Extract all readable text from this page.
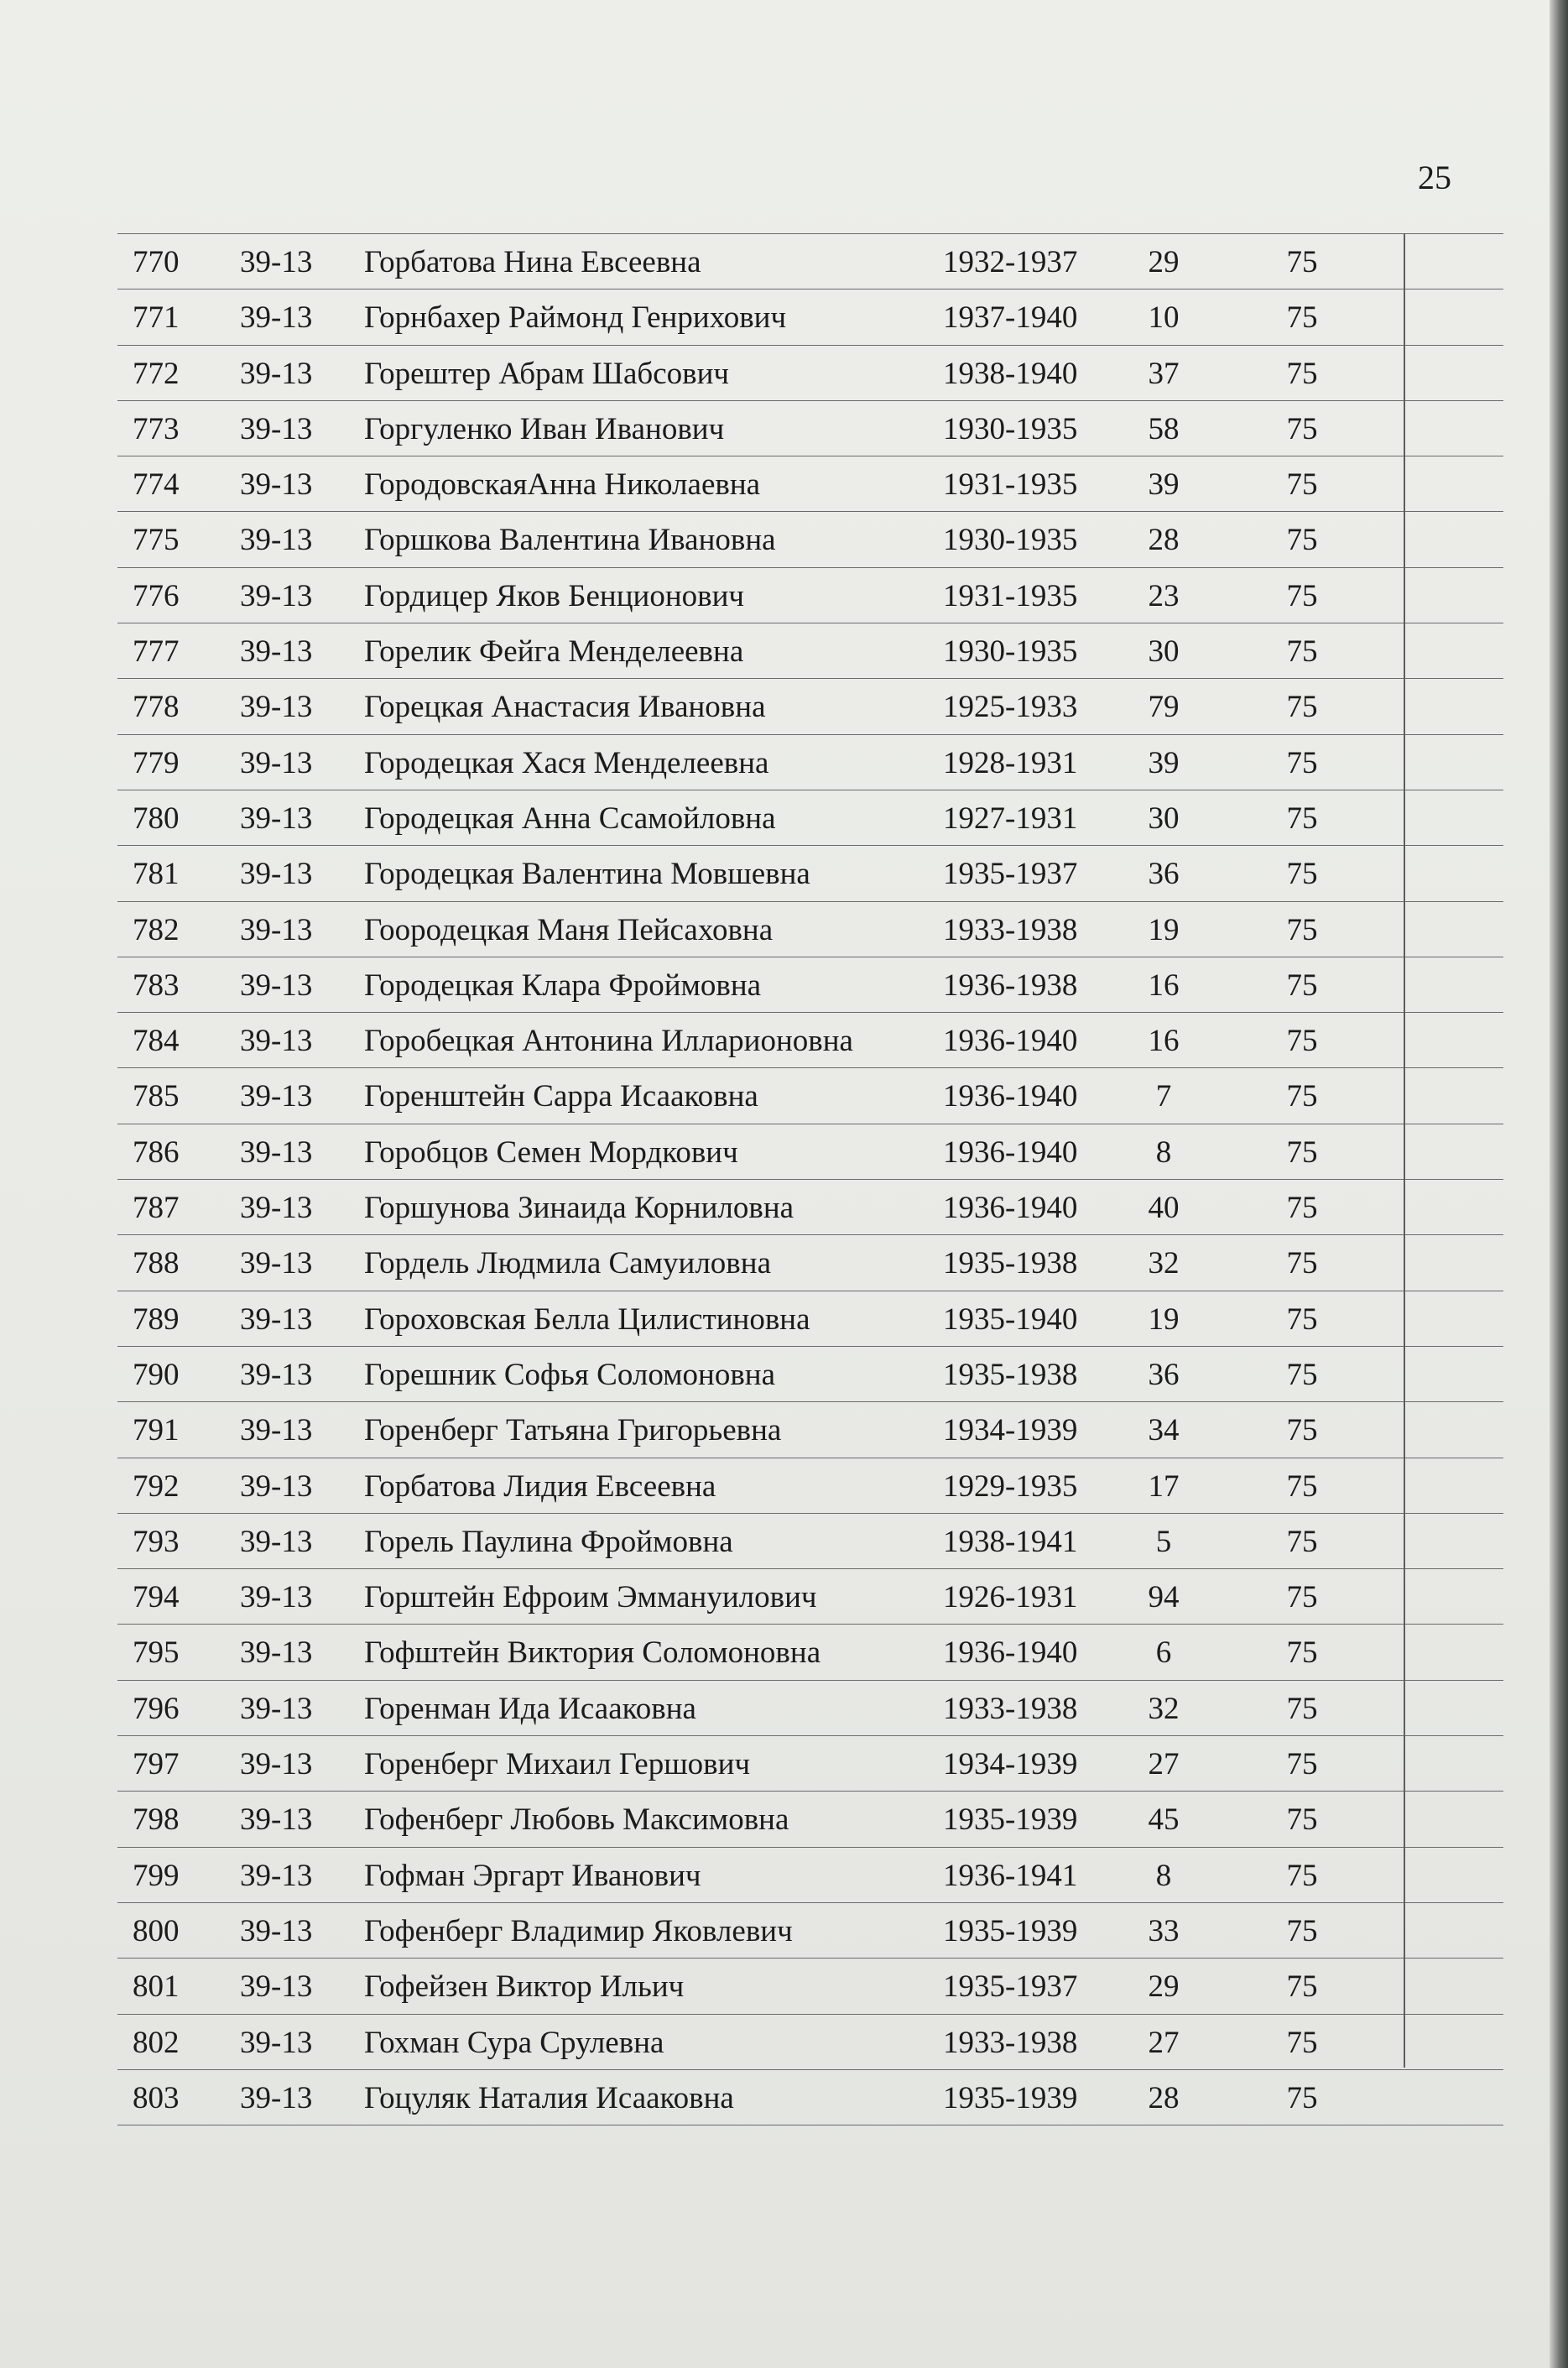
25
770 39-13 Горбатова Нина Евсеевна	1932-1937	29	75
771 39-13 Горнбахер Раймонд Генрихович	1937-1940	10	75
772 39-13 Горештер Абрам Шабсович	1938-1940	37	75
773 39-13 Горгуленко Иван Иванович	1930-1935	58	75
774 39-13 ГородовскаяАнна Николаевна	1931-1935	39	75
775 39-13 Горшкова Валентина Ивановна	1930-1935	28	75
776 39-13 Гордицер Яков Бенционович	1931-1935	23	75
777 39-13 Горелик Фейга Менделеевна	1930-1935	30	75
778 39-13 Горецкая Анастасия Ивановна	1925-1933	79	75
779 39-13 Городецкая Хася Менделеевна	1928-1931	39	75
780 39-13 Городецкая Анна Ссамойловна	1927-1931	30	75
781 39-13 Городецкая Валентина Мовшевна	1935-1937	36	75
782 39-13 Гоородецкая Маня Пейсаховна	1933-1938	19	75
783 39-13 Городецкая Клара Фроймовна	1936-1938	16	75
784 39-13 Горобецкая Антонина Илларионовна	1936-1940	16	75
785 39-13 Горенштейн Сарра Исааковна	1936-1940	7	75
786 39-13 Горобцов Семен Мордкович	1936-1940	8	75
787 39-13 Горшунова Зинаида Корниловна	1936-1940	40	75
788 39-13 Гордель Людмила Самуиловна	1935-1938	32	75
789 39-13 Гороховская Белла Цилистиновна	1935-1940	19	75
790 39-13 Горешник Софья Соломоновна	1935-1938	36	75
791 39-13 Горенберг Татьяна Григорьевна	1934-1939	34	75
792 39-13 Горбатова Лидия Евсеевна	1929-1935	17	75
793 39-13 Горель Паулина Фроймовна	1938-1941	5	75
794 39-13 Горштейн Ефроим Эммануилович	1926-1931	94	75
795 39-13 Гофштейн Виктория Соломоновна	1936-1940	6	75
796 39-13 Горенман Ида Исааковна	1933-1938	32	75
797 39-13 Горенберг Михаил Гершович	1934-1939	27	75
798 39-13 Гофенберг Любовь Максимовна	1935-1939	45	75
799 39-13 Гофман Эргарт Иванович	1936-1941	8	75
800 39-13 Гофенберг Владимир Яковлевич	1935-1939	33	75
801 39-13 Гофейзен Виктор Ильич	1935-1937	29	75
802 39-13 Гохман Сура Срулевна	1933-1938	27	75
803 39-13 Гоцуляк Наталия Исааковна	1935-1939	28	75
